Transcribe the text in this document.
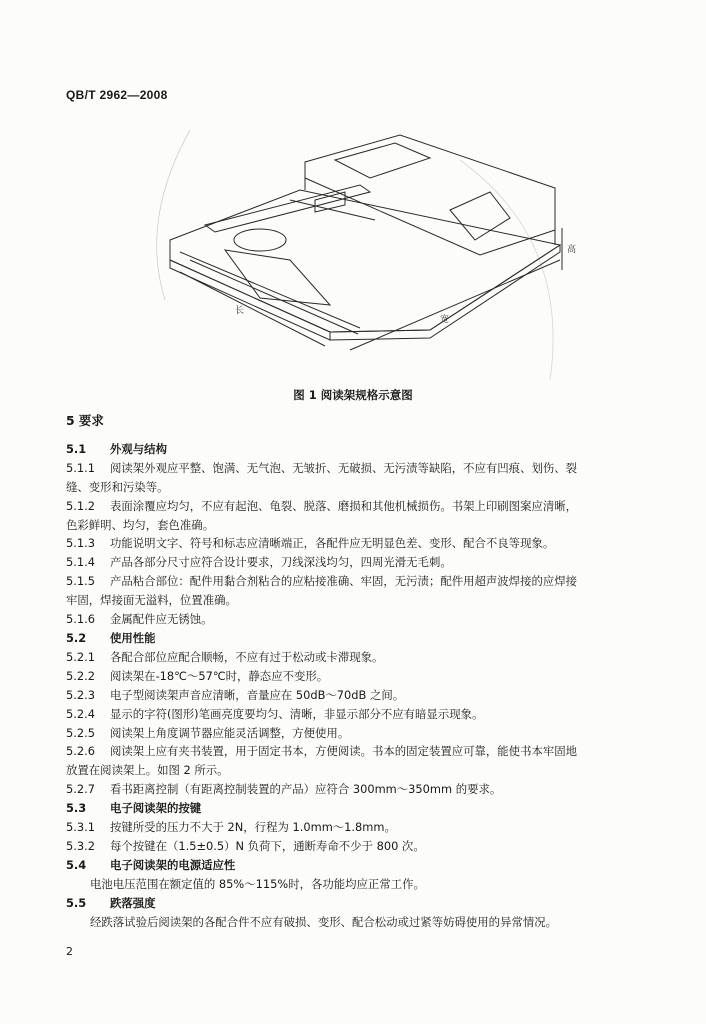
QB/T 2962—2008
长
宽
高
图 1 阅读架规格示意图
5 要求
5.1 外观与结构
5.1.1 阅读架外观应平整、饱满、无气泡、无皱折、无破损、无污渍等缺陷，不应有凹痕、划伤、裂
缝、变形和污染等。
5.1.2 表面涂覆应均匀，不应有起泡、龟裂、脱落、磨损和其他机械损伤。书架上印刷图案应清晰，
色彩鲜明、均匀，套色准确。
5.1.3 功能说明文字、符号和标志应清晰端正，各配件应无明显色差、变形、配合不良等现象。
5.1.4 产品各部分尺寸应符合设计要求，刀线深浅均匀，四周光滑无毛刺。
5.1.5 产品粘合部位：配件用黏合剂粘合的应粘接准确、牢固，无污渍；配件用超声波焊接的应焊接
牢固，焊接面无溢料，位置准确。
5.1.6 金属配件应无锈蚀。
5.2 使用性能
5.2.1 各配合部位应配合顺畅，不应有过于松动或卡滞现象。
5.2.2 阅读架在-18℃～57℃时，静态应不变形。
5.2.3 电子型阅读架声音应清晰，音量应在 50dB～70dB 之间。
5.2.4 显示的字符(图形)笔画亮度要均匀、清晰，非显示部分不应有暗显示现象。
5.2.5 阅读架上角度调节器应能灵活调整，方便使用。
5.2.6 阅读架上应有夹书装置，用于固定书本，方便阅读。书本的固定装置应可靠，能使书本牢固地
放置在阅读架上。如图 2 所示。
5.2.7 看书距离控制（有距离控制装置的产品）应符合 300mm～350mm 的要求。
5.3 电子阅读架的按键
5.3.1 按键所受的压力不大于 2N，行程为 1.0mm～1.8mm。
5.3.2 每个按键在（1.5±0.5）N 负荷下，通断寿命不少于 800 次。
5.4 电子阅读架的电源适应性
电池电压范围在额定值的 85%～115%时，各功能均应正常工作。
5.5 跌落强度
经跌落试验后阅读架的各配合件不应有破损、变形、配合松动或过紧等妨碍使用的异常情况。
2
